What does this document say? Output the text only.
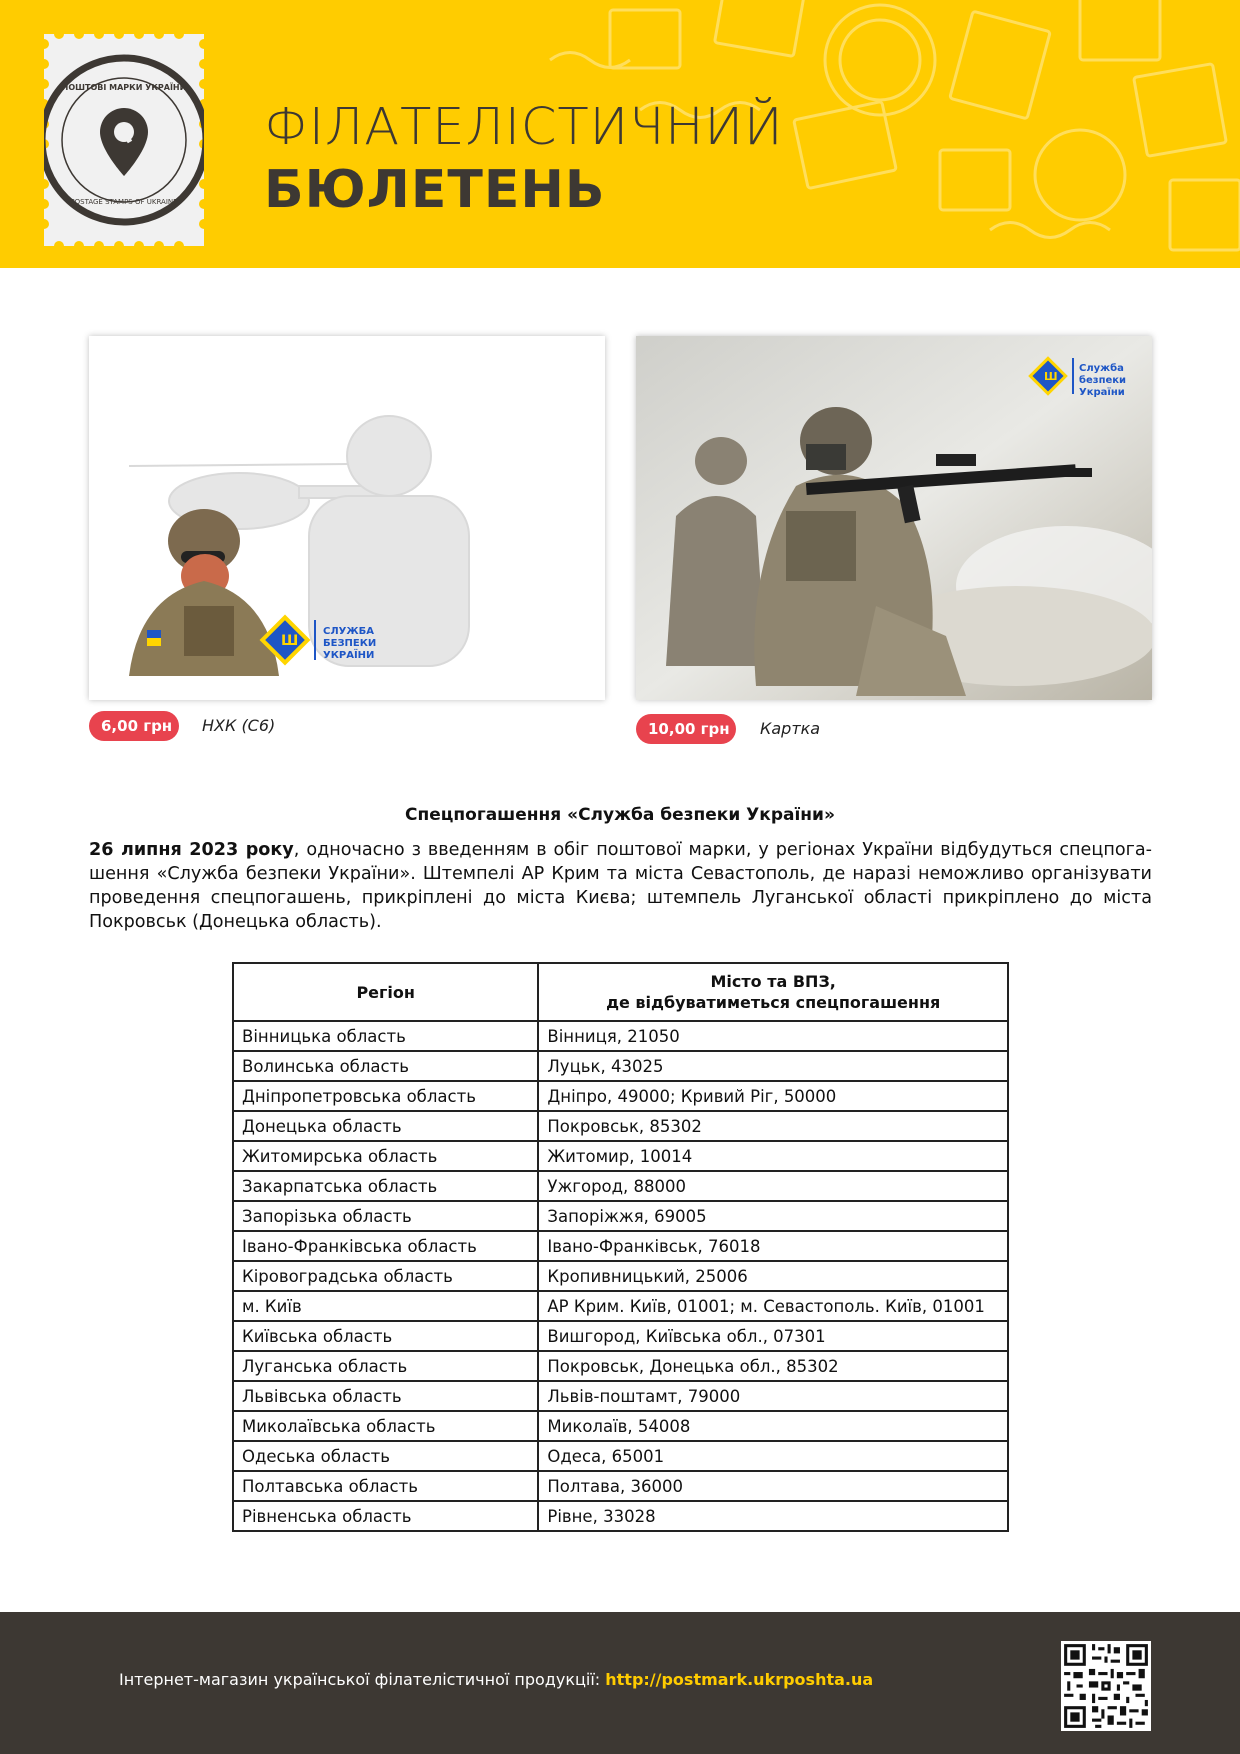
ПОШТОВІ МАРКИ УКРАЇНИ
POSTAGE STAMPS OF UKRAINE
ФІЛАТЕЛІСТИЧНИЙ
БЮЛЕТЕНЬ
Ш
СЛУЖБА
БЕЗПЕКИ
УКРАЇНИ
Ш
Служба
безпеки
України
6,00 грн	НХК (С6)	10,00 грн	Картка
Спецпогашення «Служба безпеки України»

26 липня 2023 року, одночасно з введенням в обіг поштової марки, у регіонах України відбудуться спецпога-шення «Служба безпеки України». Штемпелі АР Крим та міста Севастополь, де наразі неможливо організувати проведення спецпогашень, прикріплені до міста Києва; штемпель Луганської області прикріплено до міста Покровськ (Донецька область).

Регіон	Місто та ВПЗ,
де відбуватиметься спецпогашення
Вінницька область	Вінниця, 21050
Волинська область	Луцьк, 43025
Дніпропетровська область	Дніпро, 49000; Кривий Ріг, 50000
Донецька область	Покровськ, 85302
Житомирська область	Житомир, 10014
Закарпатська область	Ужгород, 88000
Запорізька область	Запоріжжя, 69005
Івано-Франківська область	Івано-Франківськ, 76018
Кіровоградська область	Кропивницький, 25006
м. Київ	АР Крим. Київ, 01001; м. Севастополь. Київ, 01001
Київська область	Вишгород, Київська обл., 07301
Луганська область	Покровськ, Донецька обл., 85302
Львівська область	Львів-поштамт, 79000
Миколаївська область	Миколаїв, 54008
Одеська область	Одеса, 65001
Полтавська область	Полтава, 36000
Рівненська область	Рівне, 33028
Інтернет-магазин української філателістичної продукції: http://postmark.ukrposhta.ua
